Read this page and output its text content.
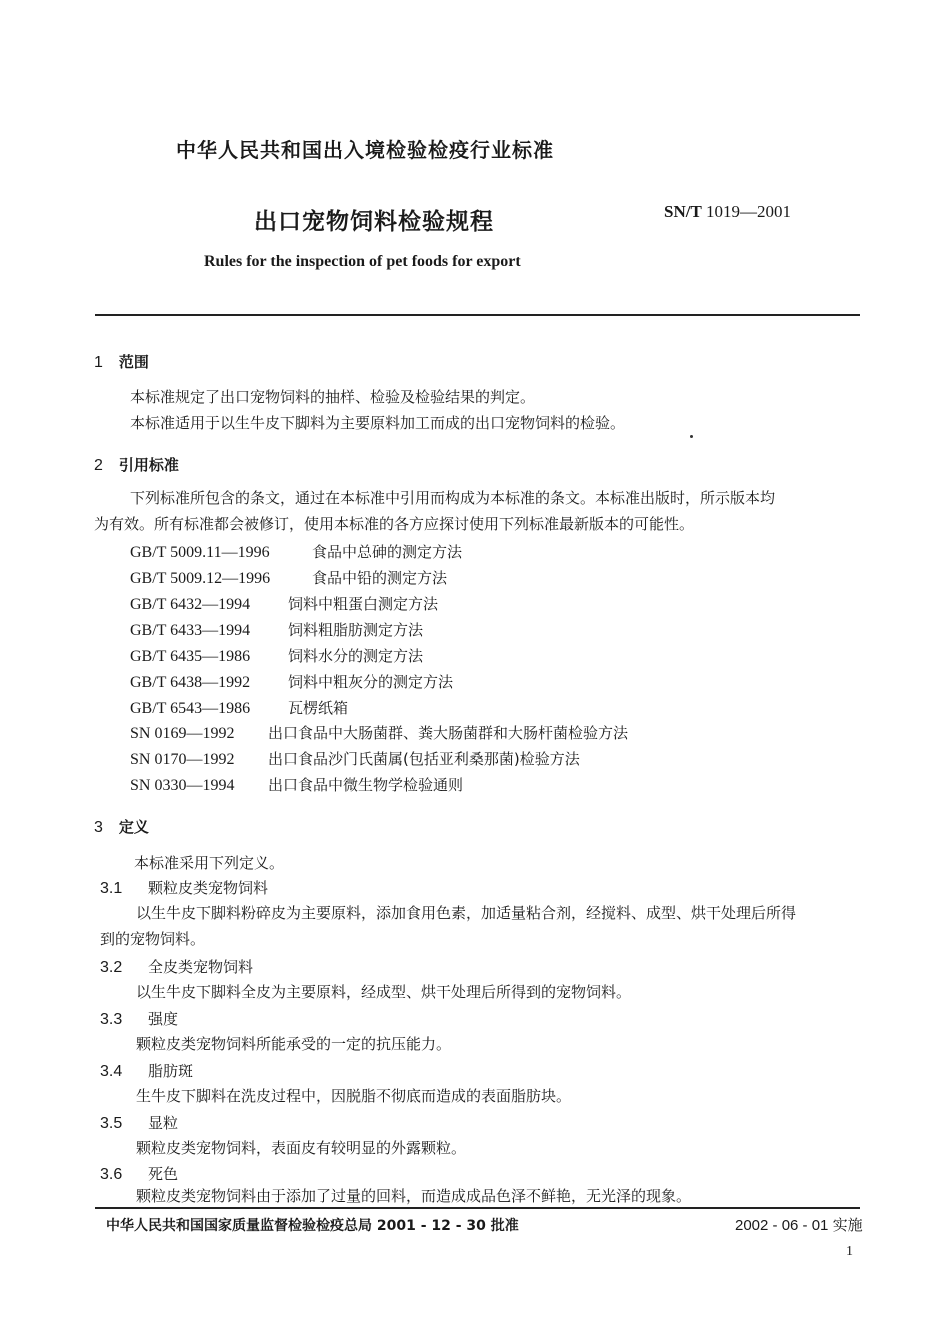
中华人民共和国出入境检验检疫行业标准
出口宠物饲料检验规程	SN/T 1019—2001
Rules for the inspection of pet foods for export
1 范围
本标准规定了出口宠物饲料的抽样、检验及检验结果的判定。
本标准适用于以生牛皮下脚料为主要原料加工而成的出口宠物饲料的检验。
2 引用标准
下列标准所包含的条文，通过在本标准中引用而构成为本标准的条文。本标准出版时，所示版本均
为有效。所有标准都会被修订，使用本标准的各方应探讨使用下列标准最新版本的可能性。
GB/T 5009.11—1996	食品中总砷的测定方法
GB/T 5009.12—1996	食品中铅的测定方法
GB/T 6432—1994	饲料中粗蛋白测定方法
GB/T 6433—1994	饲料粗脂肪测定方法
GB/T 6435—1986	饲料水分的测定方法
GB/T 6438—1992	饲料中粗灰分的测定方法
GB/T 6543—1986	瓦楞纸箱
SN 0169—1992 出口食品中大肠菌群、粪大肠菌群和大肠杆菌检验方法
SN 0170—1992 出口食品沙门氏菌属(包括亚利桑那菌)检验方法
SN 0330—1994 出口食品中微生物学检验通则
3 定义
本标准采用下列定义。
3.1 颗粒皮类宠物饲料
以生牛皮下脚料粉碎皮为主要原料，添加食用色素，加适量粘合剂，经搅料、成型、烘干处理后所得
到的宠物饲料。
3.2 全皮类宠物饲料
以生牛皮下脚料全皮为主要原料，经成型、烘干处理后所得到的宠物饲料。
3.3 强度
颗粒皮类宠物饲料所能承受的一定的抗压能力。
3.4 脂肪斑
生牛皮下脚料在洗皮过程中，因脱脂不彻底而造成的表面脂肪块。
3.5 显粒
颗粒皮类宠物饲料，表面皮有较明显的外露颗粒。
3.6 死色
颗粒皮类宠物饲料由于添加了过量的回料，而造成成品色泽不鲜艳，无光泽的现象。
中华人民共和国国家质量监督检验检疫总局 2001 - 12 - 30 批准	2002 - 06 - 01 实施
1
